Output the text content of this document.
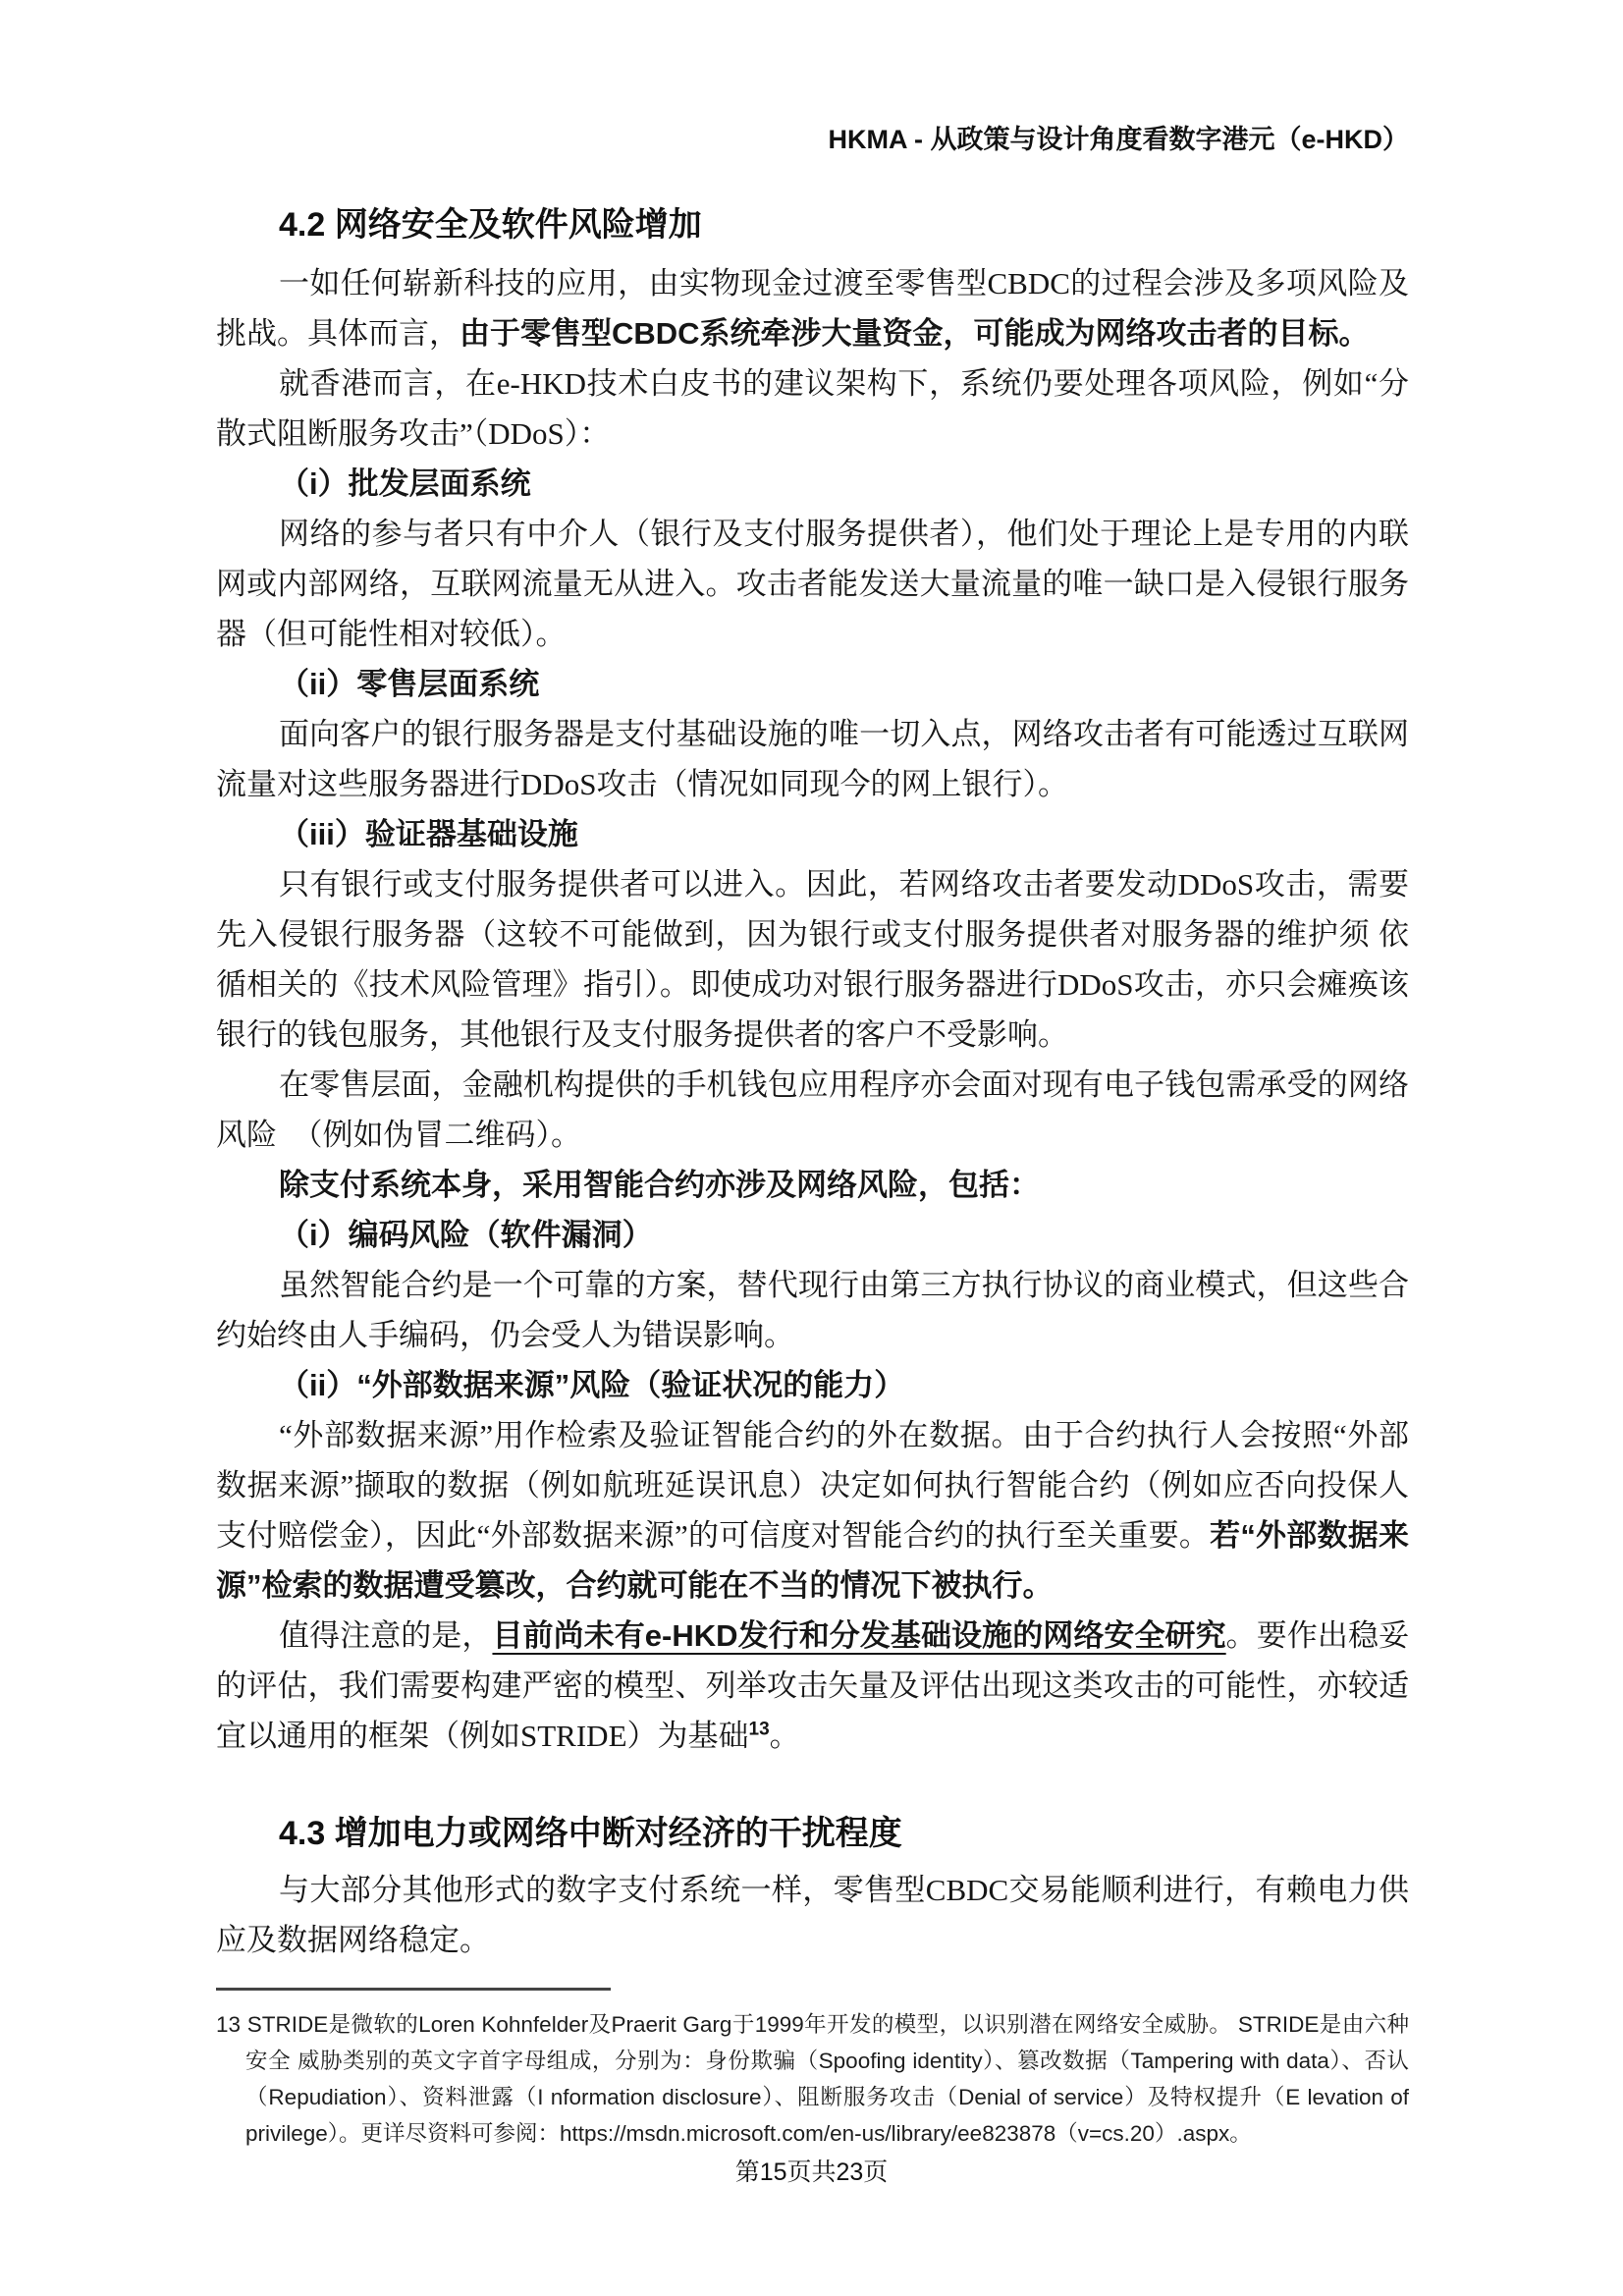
HKMA - 从政策与设计角度看数字港元（e-HKD）
4.2 网络安全及软件风险增加

一如任何崭新科技的应用，由实物现金过渡至零售型CBDC的过程会涉及多项风险及挑战。具体而言，由于零售型CBDC系统牵涉大量资金，可能成为网络攻击者的目标。

就香港而言，在e-HKD技术白皮书的建议架构下，系统仍要处理各项风险，例如“分散式阻断服务攻击”（DDoS）：

（i）批发层面系统

网络的参与者只有中介人（银行及支付服务提供者），他们处于理论上是专用的内联网或内部网络，互联网流量无从进入。攻击者能发送大量流量的唯一缺口是入侵银行服务器（但可能性相对较低）。

（ii）零售层面系统

面向客户的银行服务器是支付基础设施的唯一切入点，网络攻击者有可能透过互联网流量对这些服务器进行DDoS攻击（情况如同现今的网上银行）。

（iii）验证器基础设施

只有银行或支付服务提供者可以进入。因此，若网络攻击者要发动DDoS攻击，需要先入侵银行服务器（这较不可能做到，因为银行或支付服务提供者对服务器的维护须 依循相关的《技术风险管理》指引）。即使成功对银行服务器进行DDoS攻击，亦只会瘫痪该银行的钱包服务，其他银行及支付服务提供者的客户不受影响。

在零售层面，金融机构提供的手机钱包应用程序亦会面对现有电子钱包需承受的网络风险　（例如伪冒二维码）。

除支付系统本身，采用智能合约亦涉及网络风险，包括：

（i）编码风险（软件漏洞）

虽然智能合约是一个可靠的方案，替代现行由第三方执行协议的商业模式，但这些合约始终由人手编码，仍会受人为错误影响。

（ii）“外部数据来源”风险（验证状况的能力）

“外部数据来源”用作检索及验证智能合约的外在数据。由于合约执行人会按照“外部数据来源”撷取的数据（例如航班延误讯息）决定如何执行智能合约（例如应否向投保人支付赔偿金），因此“外部数据来源”的可信度对智能合约的执行至关重要。若“外部数据来源”检索的数据遭受篡改，合约就可能在不当的情况下被执行。

值得注意的是，目前尚未有e-HKD发行和分发基础设施的网络安全研究。要作出稳妥的评估，我们需要构建严密的模型、列举攻击矢量及评估出现这类攻击的可能性，亦较适宜以通用的框架（例如STRIDE）为基础$^{13}$。

4.3 增加电力或网络中断对经济的干扰程度

与大部分其他形式的数字支付系统一样，零售型CBDC交易能顺利进行，有赖电力供应及数据网络稳定。

13 STRIDE是微软的Loren Kohnfelder及Praerit Garg于1999年开发的模型，以识别潜在网络安全威胁。 STRIDE是由六种安全 威胁类别的英文字首字母组成，分别为：身份欺骗（Spoofing identity）、篡改数据（Tampering with data）、否认（Repudiation）、资料泄露（I nformation disclosure）、阻断服务攻击（Denial of service）及特权提升（E levation of privilege）。更详尽资料可参阅：https://msdn.microsoft.com/en-us/library/ee823878（v=cs.20）.aspx。
第15页共23页
